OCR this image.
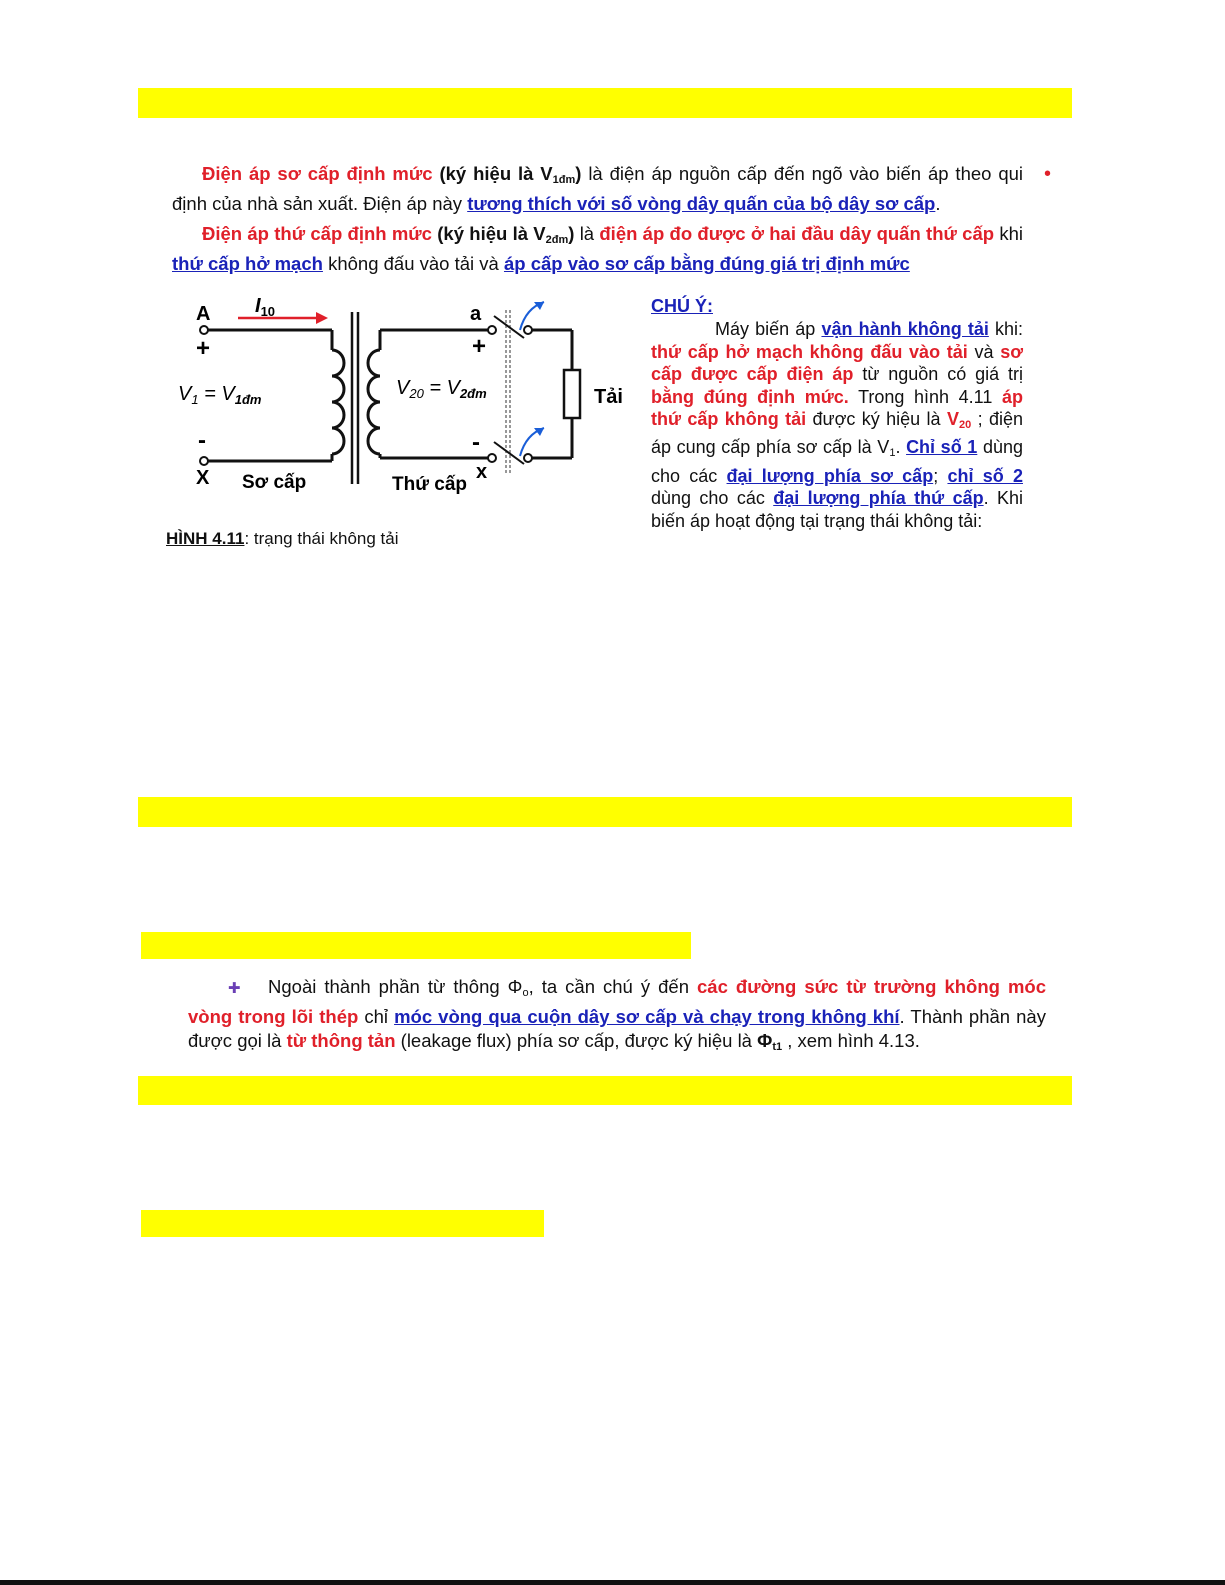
•
Điện áp sơ cấp định mức (ký hiệu là $V_{1đm}$) là điện áp nguồn cấp đến ngõ vào biến áp theo qui định của nhà sản xuất. Điện áp này tương thích với số vòng dây quấn của bộ dây sơ cấp.
Điện áp thứ cấp định mức (ký hiệu là $V_{2đm}$) là điện áp đo được ở hai đầu dây quấn thứ cấp khi thứ cấp hở mạch không đấu vào tải và áp cấp vào sơ cấp bằng đúng giá trị định mức
$I_{10}$
A
+
-
X
a
+
-
x
$V_1 = V_{1đm}$
$V_{20} = V_{2đm}$	Tải
Sơ cấp	Thứ cấp
HÌNH 4.11: trạng thái không tải
CHÚ Ý:
Máy biến áp vận hành không tải khi: thứ cấp hở mạch không đấu vào tải và sơ cấp được cấp điện áp từ nguồn có giá trị bằng đúng định mức. Trong hình 4.11 áp thứ cấp không tải được ký hiệu là $V_{20}$ ; điện áp cung cấp phía sơ cấp là $V_1$. Chỉ số 1 dùng cho các đại lượng phía sơ cấp; chỉ số 2 dùng cho các đại lượng phía thứ cấp. Khi biến áp hoạt động tại trạng thái không tải:
✚ Ngoài thành phần từ thông $\Phi_o$, ta cần chú ý đến các đường sức từ trường không móc vòng trong lõi thép chỉ móc vòng qua cuộn dây sơ cấp và chạy trong không khí. Thành phần này được gọi là từ thông tản (leakage flux) phía sơ cấp, được ký hiệu là $\Phi_{t1}$ , xem hình 4.13.
